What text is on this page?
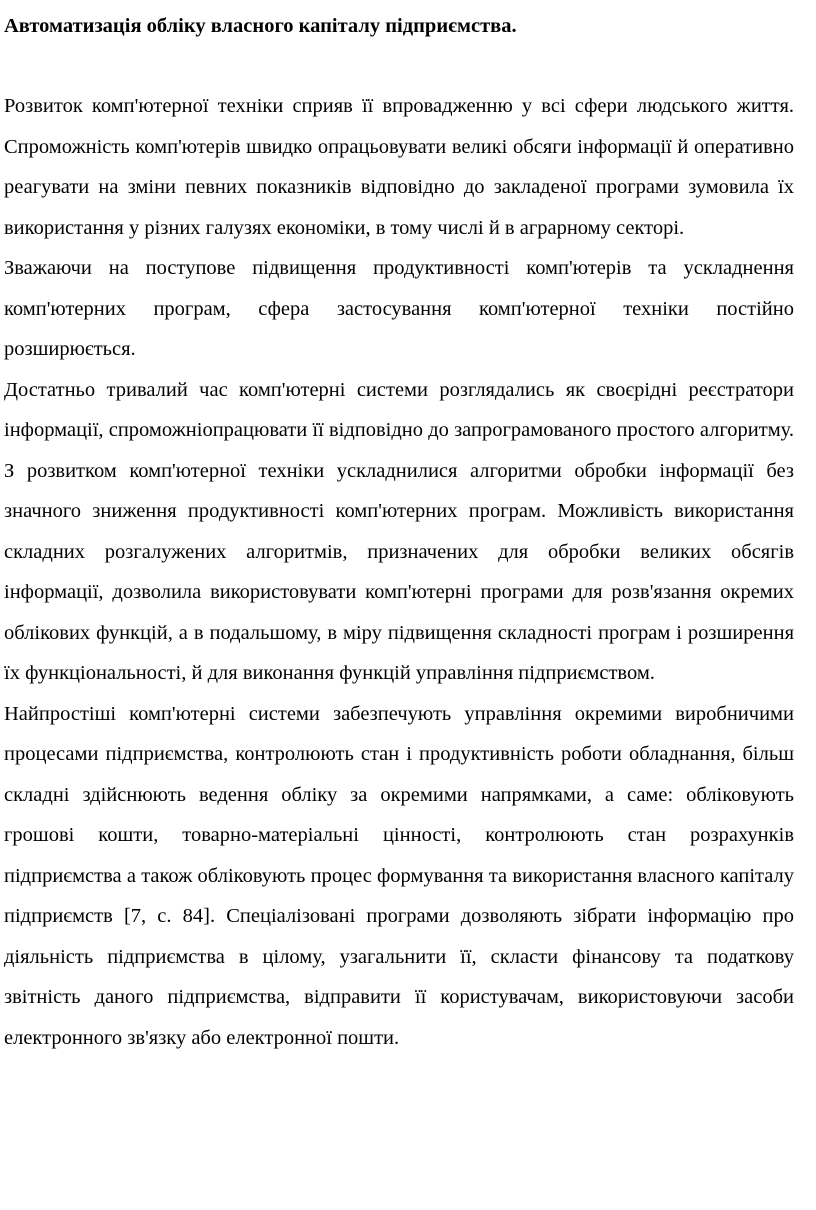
Автоматизація обліку власного капіталу підприємства.

Розвиток комп'ютерної техніки сприяв її впровадженню у всі сфери людського життя. Спроможність комп'ютерів швидко опрацьовувати великі обсяги інформації й оперативно реагувати на зміни певних показників відповідно до закладеної програми зумовила їх використання у різних галузях економіки, в тому числі й в аграрному секторі.

Зважаючи на поступове підвищення продуктивності комп'ютерів та ускладнення комп'ютерних програм, сфера застосування комп'ютерної техніки постійно розширюється.

Достатньо тривалий час комп'ютерні системи розглядались як своєрідні реєстратори інформації, спроможніопрацювати її відповідно до запрограмованого простого алгоритму. З розвитком комп'ютерної техніки ускладнилися алгоритми обробки інформації без значного зниження продуктивності комп'ютерних програм. Можливість використання складних розгалужених алгоритмів, призначених для обробки великих обсягів інформації, дозволила використовувати комп'ютерні програми для розв'язання окремих облікових функцій, а в подальшому, в міру підвищення складності програм і розширення їх функціональності, й для виконання функцій управління підприємством.

Найпростіші комп'ютерні системи забезпечують управління окремими виробничими процесами підприємства, контролюють стан і продуктивність роботи обладнання, більш складні здійснюють ведення обліку за окремими напрямками, а саме: обліковують грошові кошти, товарно-матеріальні цінності, контролюють стан розрахунків підприємства а також обліковують процес формування та використання власного капіталу підприємств [7, с. 84]. Спеціалізовані програми дозволяють зібрати інформацію про діяльність підприємства в цілому, узагальнити її, скласти фінансову та податкову звітність даного підприємства, відправити її користувачам, використовуючи засоби електронного зв'язку або електронної пошти.
